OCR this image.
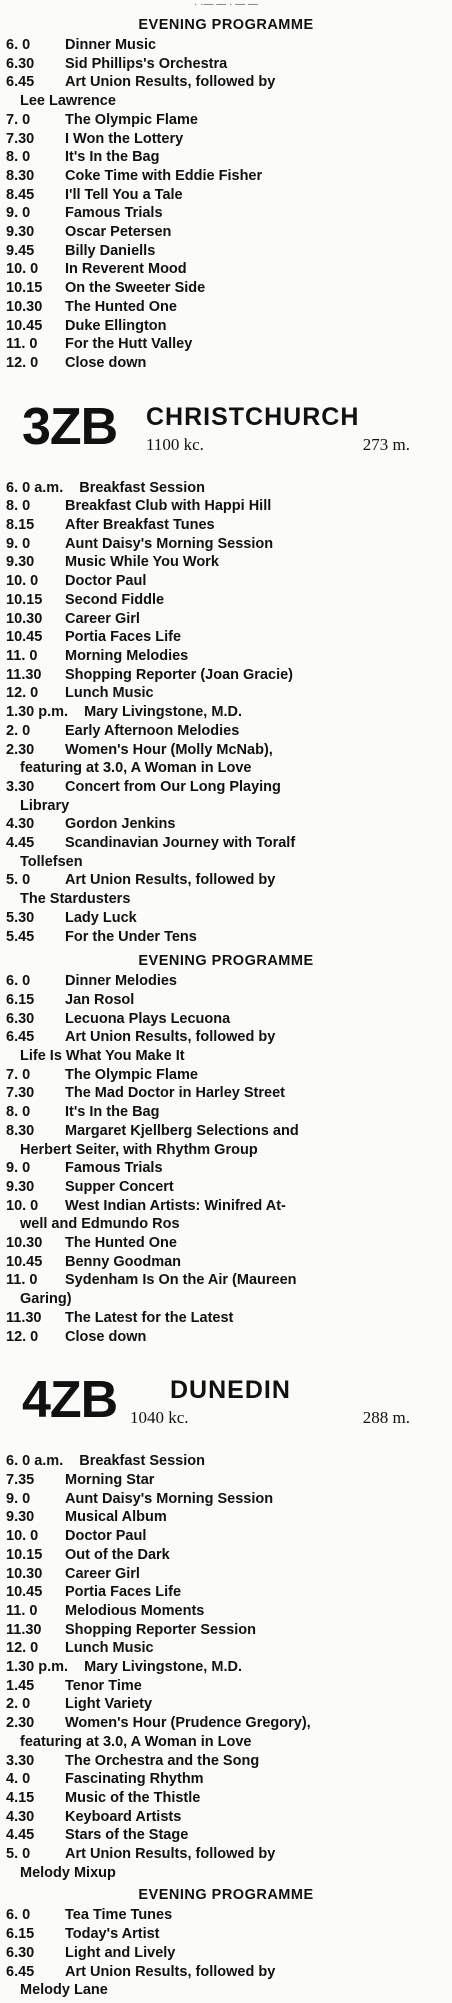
· ·— — · — —
EVENING PROGRAMME
6. 0	Dinner Music
6.30	Sid Phillips's Orchestra
6.45	Art Union Results, followed by
Lee Lawrence
7. 0	The Olympic Flame
7.30	I Won the Lottery
8. 0	It's In the Bag
8.30	Coke Time with Eddie Fisher
8.45	I'll Tell You a Tale
9. 0	Famous Trials
9.30	Oscar Petersen
9.45	Billy Daniells
10. 0	In Reverent Mood
10.15	On the Sweeter Side
10.30	The Hunted One
10.45	Duke Ellington
11. 0	For the Hutt Valley
12. 0	Close down
3ZB CHRISTCHURCH
1100 kc.	273 m.
6. 0 a.m. Breakfast Session
8. 0	Breakfast Club with Happi Hill
8.15	After Breakfast Tunes
9. 0	Aunt Daisy's Morning Session
9.30	Music While You Work
10. 0	Doctor Paul
10.15	Second Fiddle
10.30	Career Girl
10.45	Portia Faces Life
11. 0	Morning Melodies
11.30	Shopping Reporter (Joan Gracie)
12. 0	Lunch Music
1.30 p.m. Mary Livingstone, M.D.
2. 0	Early Afternoon Melodies
2.30	Women's Hour (Molly McNab),
featuring at 3.0, A Woman in Love
3.30	Concert from Our Long Playing
Library
4.30	Gordon Jenkins
4.45	Scandinavian Journey with Toralf
Tollefsen
5. 0	Art Union Results, followed by
The Stardusters
5.30	Lady Luck
5.45	For the Under Tens
EVENING PROGRAMME
6. 0	Dinner Melodies
6.15	Jan Rosol
6.30	Lecuona Plays Lecuona
6.45	Art Union Results, followed by
Life Is What You Make It
7. 0	The Olympic Flame
7.30	The Mad Doctor in Harley Street
8. 0	It's In the Bag
8.30	Margaret Kjellberg Selections and
Herbert Seiter, with Rhythm Group
9. 0	Famous Trials
9.30	Supper Concert
10. 0	West Indian Artists: Winifred At-
well and Edmundo Ros
10.30	The Hunted One
10.45	Benny Goodman
11. 0	Sydenham Is On the Air (Maureen
Garing)
11.30	The Latest for the Latest
12. 0	Close down
4ZB DUNEDIN
1040 kc.	288 m.
6. 0 a.m. Breakfast Session
7.35	Morning Star
9. 0	Aunt Daisy's Morning Session
9.30	Musical Album
10. 0	Doctor Paul
10.15	Out of the Dark
10.30	Career Girl
10.45	Portia Faces Life
11. 0	Melodious Moments
11.30	Shopping Reporter Session
12. 0	Lunch Music
1.30 p.m. Mary Livingstone, M.D.
1.45	Tenor Time
2. 0	Light Variety
2.30	Women's Hour (Prudence Gregory),
featuring at 3.0, A Woman in Love
3.30	The Orchestra and the Song
4. 0	Fascinating Rhythm
4.15	Music of the Thistle
4.30	Keyboard Artists
4.45	Stars of the Stage
5. 0	Art Union Results, followed by
Melody Mixup
EVENING PROGRAMME
6. 0	Tea Time Tunes
6.15	Today's Artist
6.30	Light and Lively
6.45	Art Union Results, followed by
Melody Lane
